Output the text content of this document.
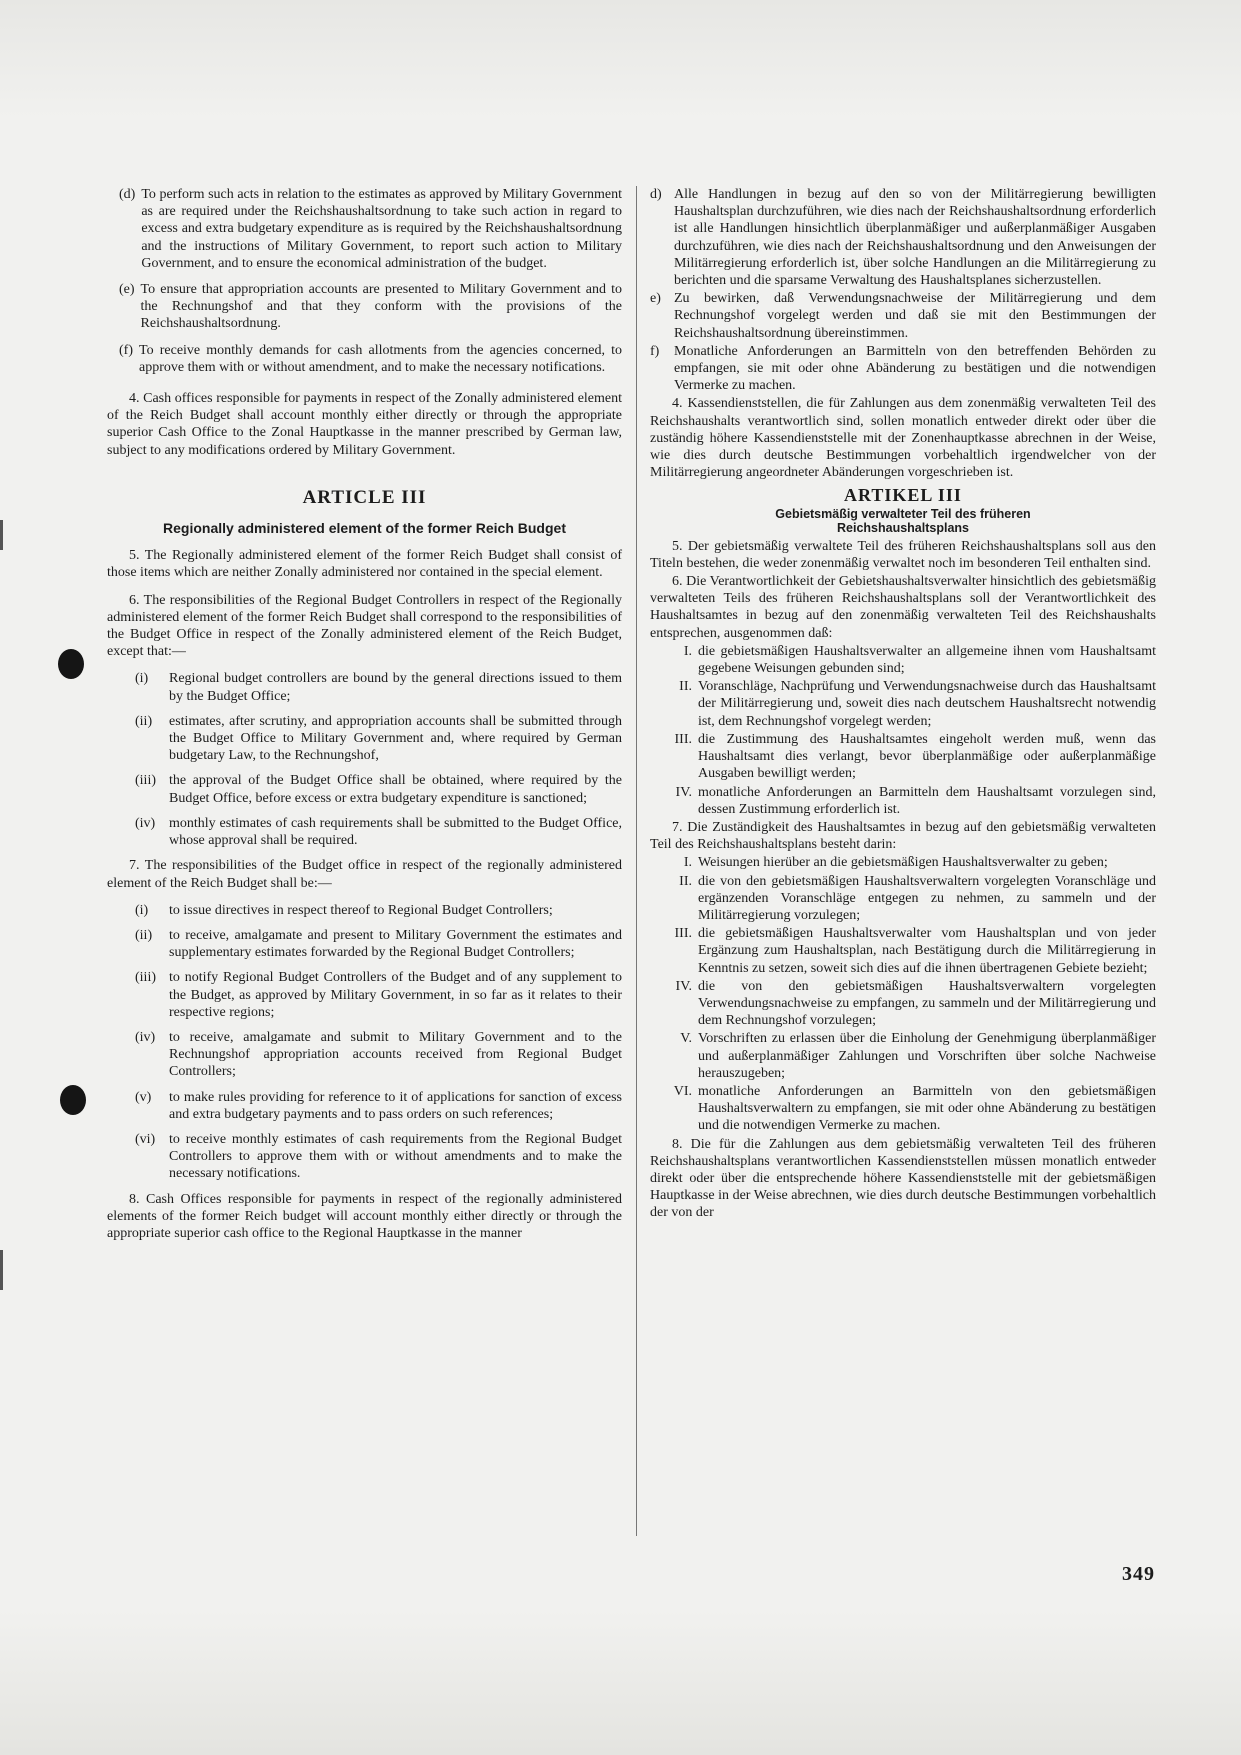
(d) To perform such acts in relation to the estimates as approved by Military Government as are required under the Reichshaushaltsordnung to take such action in regard to excess and extra budgetary expenditure as is required by the Reichshaushaltsordnung and the instructions of Military Government, to report such action to Military Government, and to ensure the economical administration of the budget.
(e) To ensure that appropriation accounts are presented to Military Government and to the Rechnungshof and that they conform with the provisions of the Reichshaushaltsordnung.
(f) To receive monthly demands for cash allotments from the agencies concerned, to approve them with or without amendment, and to make the necessary notifications.

4. Cash offices responsible for payments in respect of the Zonally administered element of the Reich Budget shall account monthly either directly or through the appropriate superior Cash Office to the Zonal Hauptkasse in the manner prescribed by German law, subject to any modifications ordered by Military Government.

ARTICLE III
Regionally administered element of the former Reich Budget

5. The Regionally administered element of the former Reich Budget shall consist of those items which are neither Zonally administered nor contained in the special element.

6. The responsibilities of the Regional Budget Controllers in respect of the Regionally administered element of the former Reich Budget shall correspond to the responsibilities of the Budget Office in respect of the Zonally administered element of the Reich Budget, except that:—

(i)	Regional budget controllers are bound by the general directions issued to them by the Budget Office;
(ii)	estimates, after scrutiny, and appropriation accounts shall be submitted through the Budget Office to Military Government and, where required by German budgetary Law, to the Rechnungshof,
(iii) the approval of the Budget Office shall be obtained, where required by the Budget Office, before excess or extra budgetary expenditure is sanctioned;
(iv) monthly estimates of cash requirements shall be submitted to the Budget Office, whose approval shall be required.

7. The responsibilities of the Budget office in respect of the regionally administered element of the Reich Budget shall be:—

(i)	to issue directives in respect thereof to Regional Budget Controllers;
(ii)	to receive, amalgamate and present to Military Government the estimates and supplementary estimates forwarded by the Regional Budget Controllers;
(iii) to notify Regional Budget Controllers of the Budget and of any supplement to the Budget, as approved by Military Government, in so far as it relates to their respective regions;
(iv) to receive, amalgamate and submit to Military Government and to the Rechnungshof appropriation accounts received from Regional Budget Controllers;
(v)	to make rules providing for reference to it of applications for sanction of excess and extra budgetary payments and to pass orders on such references;
(vi) to receive monthly estimates of cash requirements from the Regional Budget Controllers to approve them with or without amendments and to make the necessary notifications.

8. Cash Offices responsible for payments in respect of the regionally administered elements of the former Reich budget will account monthly either directly or through the appropriate superior cash office to the Regional Hauptkasse in the manner

d) Alle Handlungen in bezug auf den so von der Militärregierung bewilligten Haushaltsplan durchzuführen, wie dies nach der Reichshaushaltsordnung erforderlich ist alle Handlungen hinsichtlich überplanmäßiger und außerplanmäßiger Ausgaben durchzuführen, wie dies nach der Reichshaushaltsordnung und den Anweisungen der Militärregierung erforderlich ist, über solche Handlungen an die Militärregierung zu berichten und die sparsame Verwaltung des Haushaltsplanes sicherzustellen.
e) Zu bewirken, daß Verwendungsnachweise der Militärregierung und dem Rechnungshof vorgelegt werden und daß sie mit den Bestimmungen der Reichshaushaltsordnung übereinstimmen.
f)	Monatliche Anforderungen an Barmitteln von den betreffenden Behörden zu empfangen, sie mit oder ohne Abänderung zu bestätigen und die notwendigen Vermerke zu machen.

4. Kassendienststellen, die für Zahlungen aus dem zonenmäßig verwalteten Teil des Reichshaushalts verantwortlich sind, sollen monatlich entweder direkt oder über die zuständig höhere Kassendienststelle mit der Zonenhauptkasse abrechnen in der Weise, wie dies durch deutsche Bestimmungen vorbehaltlich irgendwelcher von der Militärregierung angeordneter Abänderungen vorgeschrieben ist.

ARTIKEL III
Gebietsmäßig verwalteter Teil des früheren
Reichshaushaltsplans

5. Der gebietsmäßig verwaltete Teil des früheren Reichshaushaltsplans soll aus den Titeln bestehen, die weder zonenmäßig verwaltet noch im besonderen Teil enthalten sind.

6. Die Verantwortlichkeit der Gebietshaushaltsverwalter hinsichtlich des gebietsmäßig verwalteten Teils des früheren Reichshaushaltsplans soll der Verantwortlichkeit des Haushaltsamtes in bezug auf den zonenmäßig verwalteten Teil des Reichshaushalts entsprechen, ausgenommen daß:

I. die gebietsmäßigen Haushaltsverwalter an allgemeine ihnen vom Haushaltsamt gegebene Weisungen gebunden sind;
II. Voranschläge, Nachprüfung und Verwendungsnachweise durch das Haushaltsamt der Militärregierung und, soweit dies nach deutschem Haushaltsrecht notwendig ist, dem Rechnungshof vorgelegt werden;
III. die Zustimmung des Haushaltsamtes eingeholt werden muß, wenn das Haushaltsamt dies verlangt, bevor überplanmäßige oder außerplanmäßige Ausgaben bewilligt werden;
IV. monatliche Anforderungen an Barmitteln dem Haushaltsamt vorzulegen sind, dessen Zustimmung erforderlich ist.

7. Die Zuständigkeit des Haushaltsamtes in bezug auf den gebietsmäßig verwalteten Teil des Reichshaushaltsplans besteht darin:

I. Weisungen hierüber an die gebietsmäßigen Haushaltsverwalter zu geben;
II. die von den gebietsmäßigen Haushaltsverwaltern vorgelegten Voranschläge und ergänzenden Voranschläge entgegen zu nehmen, zu sammeln und der Militärregierung vorzulegen;
III. die gebietsmäßigen Haushaltsverwalter vom Haushaltsplan und von jeder Ergänzung zum Haushaltsplan, nach Bestätigung durch die Militärregierung in Kenntnis zu setzen, soweit sich dies auf die ihnen übertragenen Gebiete bezieht;
IV. die von den gebietsmäßigen Haushaltsverwaltern vorgelegten Verwendungsnachweise zu empfangen, zu sammeln und der Militärregierung und dem Rechnungshof vorzulegen;
V. Vorschriften zu erlassen über die Einholung der Genehmigung überplanmäßiger und außerplanmäßiger Zahlungen und Vorschriften über solche Nachweise herauszugeben;
VI. monatliche Anforderungen an Barmitteln von den gebietsmäßigen Haushaltsverwaltern zu empfangen, sie mit oder ohne Abänderung zu bestätigen und die notwendigen Vermerke zu machen.

8. Die für die Zahlungen aus dem gebietsmäßig verwalteten Teil des früheren Reichshaushaltsplans verantwortlichen Kassendienststellen müssen monatlich entweder direkt oder über die entsprechende höhere Kassendienststelle mit der gebietsmäßigen Hauptkasse in der Weise abrechnen, wie dies durch deutsche Bestimmungen vorbehaltlich der von der

349
